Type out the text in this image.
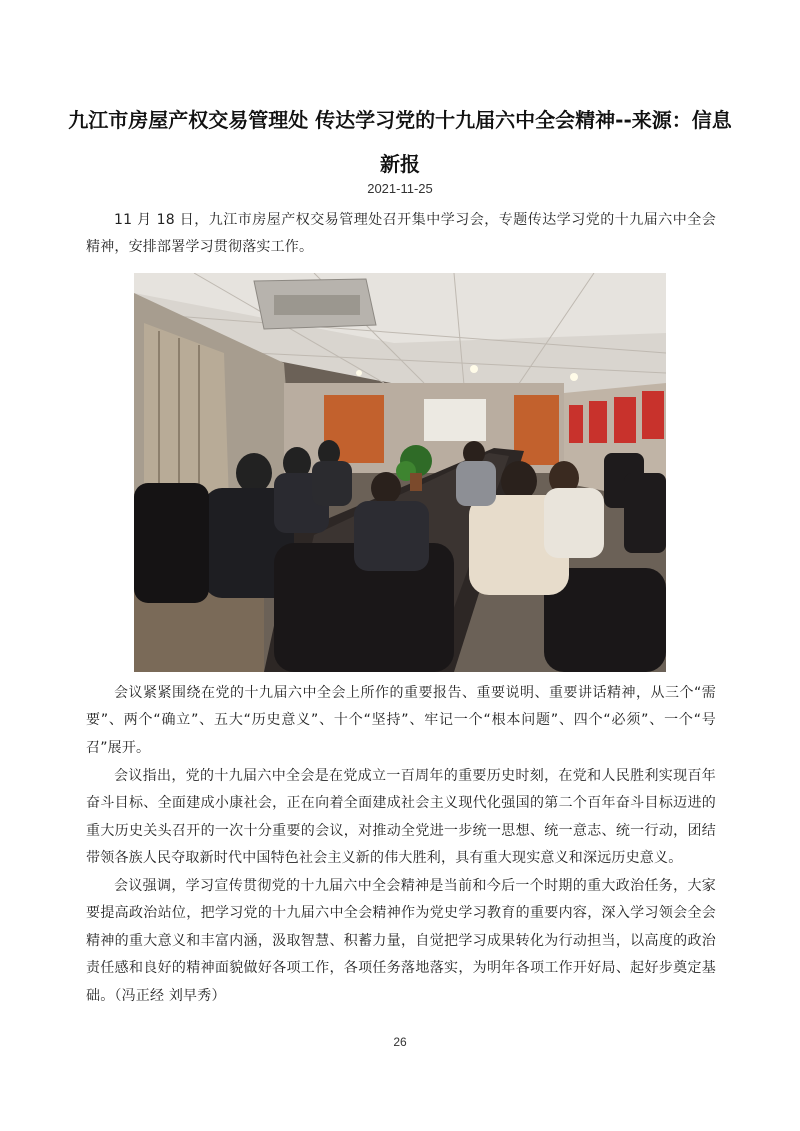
九江市房屋产权交易管理处 传达学习党的十九届六中全会精神--来源：信息新报
2021-11-25
11 月 18 日，九江市房屋产权交易管理处召开集中学习会，专题传达学习党的十九届六中全会精神，安排部署学习贯彻落实工作。
会议紧紧围绕在党的十九届六中全会上所作的重要报告、重要说明、重要讲话精神，从三个“需要”、两个“确立”、五大“历史意义”、十个“坚持”、牢记一个“根本问题”、四个“必须”、一个“号召”展开。
会议指出，党的十九届六中全会是在党成立一百周年的重要历史时刻，在党和人民胜利实现百年奋斗目标、全面建成小康社会，正在向着全面建成社会主义现代化强国的第二个百年奋斗目标迈进的重大历史关头召开的一次十分重要的会议，对推动全党进一步统一思想、统一意志、统一行动，团结带领各族人民夺取新时代中国特色社会主义新的伟大胜利，具有重大现实意义和深远历史意义。
会议强调，学习宣传贯彻党的十九届六中全会精神是当前和今后一个时期的重大政治任务，大家要提高政治站位，把学习党的十九届六中全会精神作为党史学习教育的重要内容，深入学习领会全会精神的重大意义和丰富内涵，汲取智慧、积蓄力量，自觉把学习成果转化为行动担当，以高度的政治责任感和良好的精神面貌做好各项工作，各项任务落地落实，为明年各项工作开好局、起好步奠定基础。（冯正经 刘早秀）
26
